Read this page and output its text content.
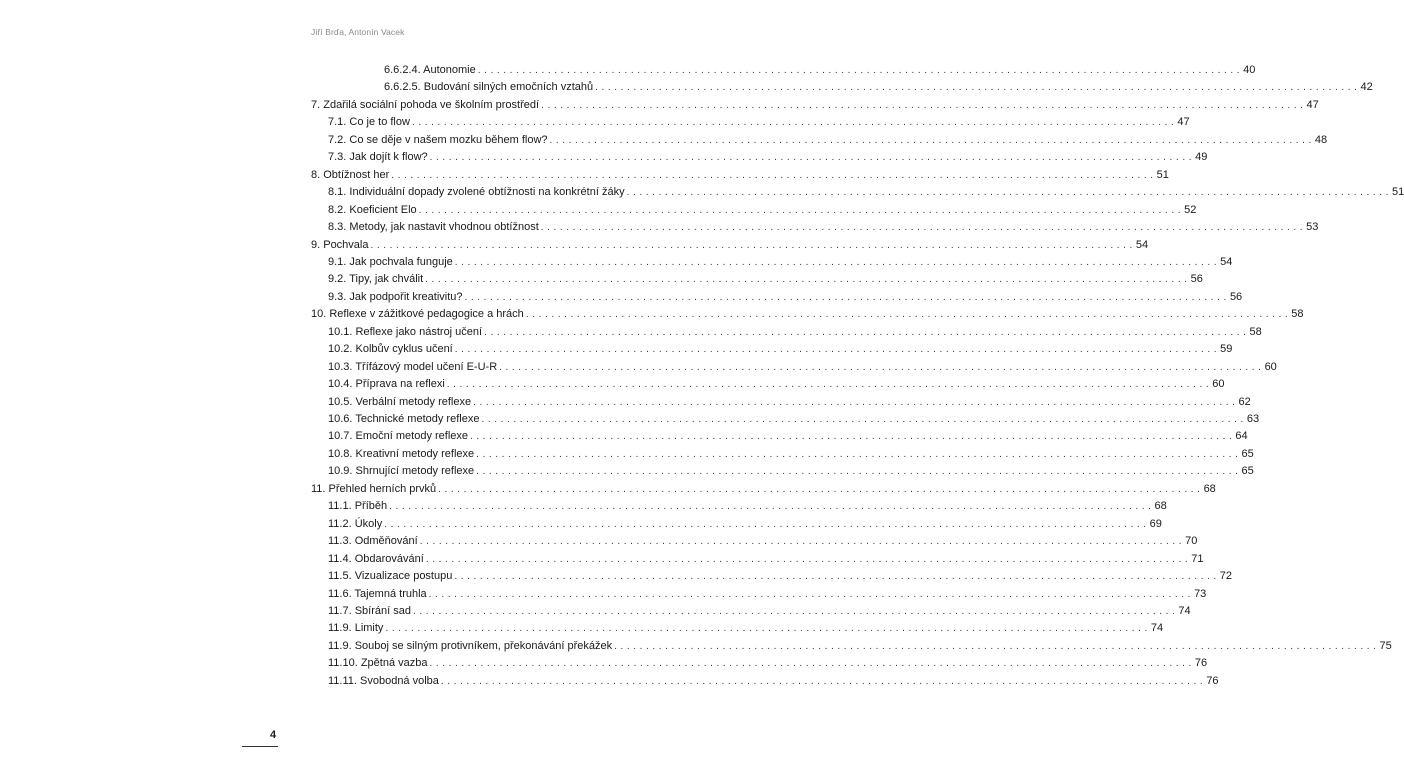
Jiří Brďa, Antonín Vacek
6.6.2.4. Autonomie ........................................................................................................................ 40
6.6.2.5. Budování silných emočních vztahů ........................................................................................................................ 42
7. Zdařilá sociální pohoda ve školním prostředí ........................................................................................................................ 47
7.1. Co je to flow ........................................................................................................................ 47
7.2. Co se děje v našem mozku během flow? ........................................................................................................................ 48
7.3. Jak dojít k flow? ........................................................................................................................ 49
8. Obtížnost her ........................................................................................................................ 51
8.1. Individuální dopady zvolené obtížnosti na konkrétní žáky ........................................................................................................................ 51
8.2. Koeficient Elo ........................................................................................................................ 52
8.3. Metody, jak nastavit vhodnou obtížnost ........................................................................................................................ 53
9. Pochvala ........................................................................................................................ 54
9.1. Jak pochvala funguje ........................................................................................................................ 54
9.2. Tipy, jak chválit ........................................................................................................................ 56
9.3. Jak podpořit kreativitu? ........................................................................................................................ 56
10. Reflexe v zážitkové pedagogice a hrách ........................................................................................................................ 58
10.1. Reflexe jako nástroj učení ........................................................................................................................ 58
10.2. Kolbův cyklus učení ........................................................................................................................ 59
10.3. Třífázový model učení E-U-R ........................................................................................................................ 60
10.4. Příprava na reflexi ........................................................................................................................ 60
10.5. Verbální metody reflexe ........................................................................................................................ 62
10.6. Technické metody reflexe ........................................................................................................................ 63
10.7. Emoční metody reflexe ........................................................................................................................ 64
10.8. Kreativní metody reflexe ........................................................................................................................ 65
10.9. Shrnující metody reflexe ........................................................................................................................ 65
11. Přehled herních prvků ........................................................................................................................ 68
11.1. Příběh ........................................................................................................................ 68
11.2. Úkoly ........................................................................................................................ 69
11.3. Odměňování ........................................................................................................................ 70
11.4. Obdarovávání ........................................................................................................................ 71
11.5. Vizualizace postupu ........................................................................................................................ 72
11.6. Tajemná truhla ........................................................................................................................ 73
11.7. Sbírání sad ........................................................................................................................ 74
11.9. Limity ........................................................................................................................ 74
11.9. Souboj se silným protivníkem, překonávání překážek ........................................................................................................................ 75
11.10. Zpětná vazba ........................................................................................................................ 76
11.11. Svobodná volba ........................................................................................................................ 76
4
